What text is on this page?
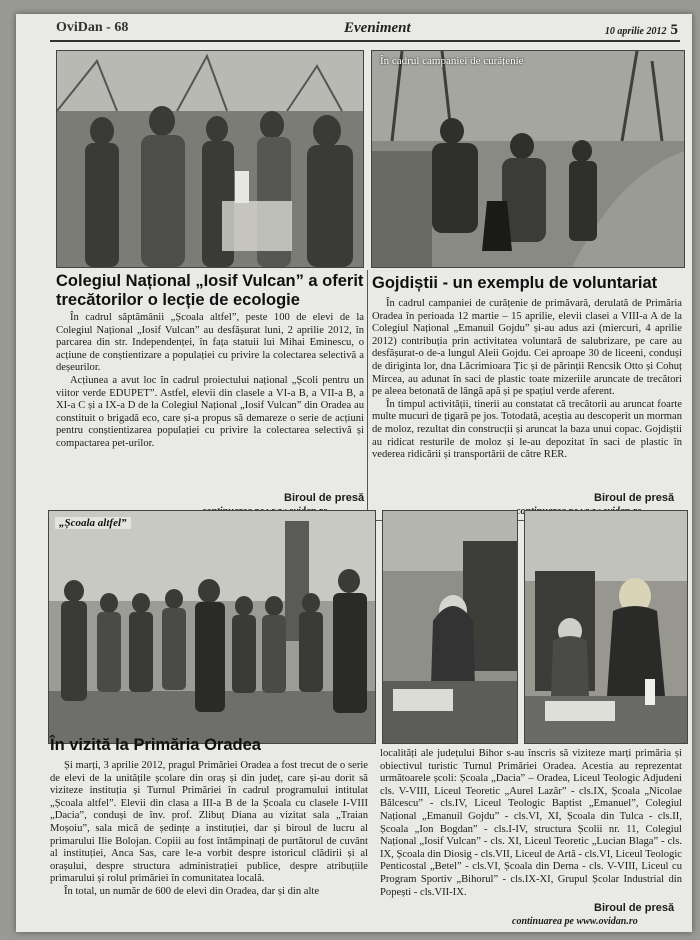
OviDan - 68	Eveniment	10 aprilie 2012 5
În cadrul campaniei de curățenie
Colegiul Național „Iosif Vulcan” a oferit trecătorilor o lecție de ecologie

În cadrul săptămânii „Școala altfel”, peste 100 de elevi de la Colegiul Național „Iosif Vulcan” au desfășurat luni, 2 aprilie 2012, în parcarea din str. Independenței, în fața statuii lui Mihai Eminescu, o acțiune de conștientizare a populației cu privire la colectarea selectivă a deșeurilor.

Acțiunea a avut loc în cadrul proiectului național „Școli pentru un viitor verde EDUPET”. Astfel, elevii din clasele a VI-a B, a VII-a B, a XI-a C și a IX-a D de la Colegiul Național „Iosif Vulcan” din Oradea au constituit o brigadă eco, care și-a propus să demareze o serie de acțiuni pentru conștientizarea populației cu privire la colectarea selectivă și compactarea pet-urilor.

Biroul de presă
Gojdiștii - un exemplu de voluntariat

În cadrul campaniei de curățenie de primăvară, derulată de Primăria Oradea în perioada 12 martie – 15 aprilie, elevii clasei a VIII-a A de la Colegiul Național „Emanuil Gojdu” și-au adus azi (miercuri, 4 aprilie 2012) contribuția prin activitatea voluntară de salubrizare, pe care au desfășurat-o de-a lungul Aleii Gojdu. Cei aproape 30 de liceeni, conduși de diriginta lor, dna Lăcrimioara Țic și de părinții Rencsik Otto și Cohuț Mircea, au adunat în saci de plastic toate mizeriile aruncate de trecători pe aleea betonată de lângă apă și pe spațiul verde aferent.

În timpul activității, tinerii au constatat că trecătorii au aruncat foarte multe mucuri de țigară pe jos. Totodată, aceștia au descoperit un morman de moloz, rezultat din construcții și aruncat la baza unui copac. Gojdiștii au ridicat resturile de moloz și le-au depozitat în saci de plastic în vederea ridicării și transportării de către RER.

Biroul de presă
„Școala altfel”
În vizită la Primăria Oradea

Și marți, 3 aprilie 2012, pragul Primăriei Oradea a fost trecut de o serie de elevi de la unitățile școlare din oraș și din județ, care și-au dorit să viziteze instituția și Turnul Primăriei în cadrul programului intitulat „Școala altfel”. Elevii din clasa a III-a B de la Școala cu clasele I-VIII „Dacia”, conduși de înv. prof. Zlibuț Diana au vizitat sala „Traian Moșoiu”, sala mică de ședințe a instituției, dar și biroul de lucru al primarului Ilie Bolojan. Copiii au fost întâmpinați de purtătorul de cuvânt al instituției, Anca Sas, care le-a vorbit despre istoricul clădirii și al orașului, despre structura administrației publice, despre atribuțiile primarului și rolul primăriei în comunitatea locală.

În total, un număr de 600 de elevi din Oradea, dar și din alte

localități ale județului Bihor s-au înscris să viziteze marți primăria și obiectivul turistic Turnul Primăriei Oradea. Acestia au reprezentat următoarele școli: Școala „Dacia” – Oradea, Liceul Teologic Adjudeni cls. V-VIII, Liceul Teoretic „Aurel Lazăr” - cls.IX, Școala „Nicolae Bălcescu” - cls.IV, Liceul Teologic Baptist „Emanuel”, Colegiul Național „Emanuil Gojdu” - cls.VI, XI, Școala din Tulca - cls.II, Școala „Ion Bogdan” - cls.I-IV, structura Școlii nr. 11, Colegiul Național „Iosif Vulcan” - cls. XI, Liceul Teoretic „Lucian Blaga” - cls. IX, Școala din Diosig - cls.VII, Liceul de Artă - cls.VI, Liceul Teologic Penticostal „Betel” - cls.VI, Școala din Derna - cls. V-VIII, Liceul cu Program Sportiv „Bihorul” - cls.IX-XI, Grupul Școlar Industrial din Popești - cls.VII-IX.

Biroul de presă
continuarea pe www.ovidan.ro
